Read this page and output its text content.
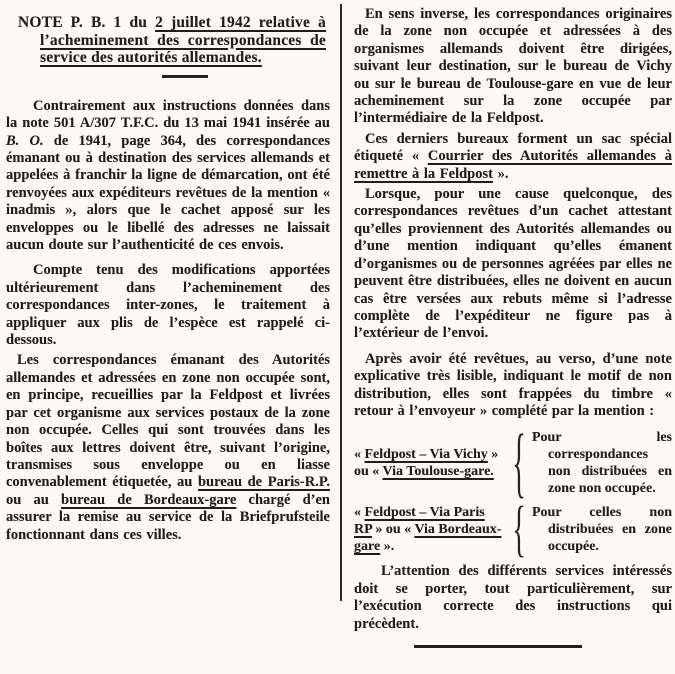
NOTE P. B. 1 du 2 juillet 1942 relative à l’acheminement des correspondances de service des autorités allemandes.

Contrairement aux instructions données dans la note 501 A/307 T.F.C. du 13 mai 1941 insérée au B. O. de 1941, page 364, des correspondances émanant ou à destination des services allemands et appelées à franchir la ligne de démarcation, ont été renvoyées aux expéditeurs revêtues de la mention « inadmis », alors que le cachet apposé sur les enveloppes ou le libellé des adresses ne laissait aucun doute sur l’authenticité de ces envois.

Compte tenu des modifications apportées ultérieurement dans l’acheminement des correspondances inter-zones, le traitement à appliquer aux plis de l’espèce est rappelé ci-dessous.

Les correspondances émanant des Autorités allemandes et adressées en zone non occupée sont, en principe, recueillies par la Feldpost et livrées par cet organisme aux services postaux de la zone non occupée. Celles qui sont trouvées dans les boîtes aux lettres doivent être, suivant l’origine, transmises sous enveloppe ou en liasse convenablement étiquetée, au bureau de Paris-R.P. ou au bureau de Bordeaux-gare chargé d’en assurer la remise au service de la Briefprufsteile fonctionnant dans ces villes.

En sens inverse, les correspondances originaires de la zone non occupée et adressées à des organismes allemands doivent être dirigées, suivant leur destination, sur le bureau de Vichy ou sur le bureau de Toulouse-gare en vue de leur acheminement sur la zone occupée par l’intermédiaire de la Feldpost.

Ces derniers bureaux forment un sac spécial étiqueté « Courrier des Autorités allemandes à remettre à la Feldpost ».

Lorsque, pour une cause quelconque, des correspondances revêtues d’un cachet attestant qu’elles proviennent des Autorités allemandes ou d’une mention indiquant qu’elles émanent d’organismes ou de personnes agréées par elles ne peuvent être distribuées, elles ne doivent en aucun cas être versées aux rebuts même si l’adresse complète de l’expéditeur ne figure pas à l’extérieur de l’envoi.

Après avoir été revêtues, au verso, d’une note explicative très lisible, indiquant le motif de non distribution, elles sont frappées du timbre « retour à l’envoyeur » complété par la mention :

« Feldpost – Via Vichy » ou « Via Toulouse-gare. { Pour les correspondances non distribuées en zone non occupée.
« Feldpost – Via Paris RP » ou « Via Bordeaux-gare ».	{ Pour celles non distribuées en zone occupée.

L’attention des différents services intéressés doit se porter, tout particulièrement, sur l’exécution correcte des instructions qui précèdent.
